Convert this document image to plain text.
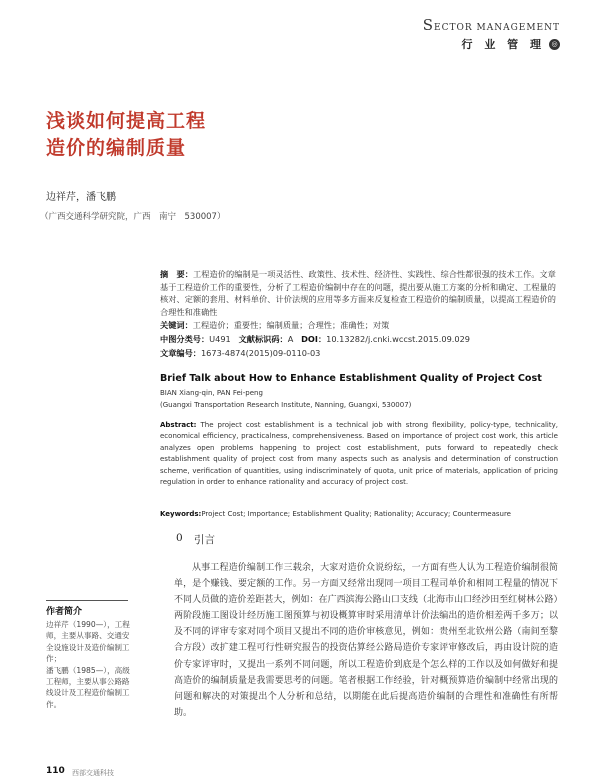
SECTOR MANAGEMENT
行 业 管 理 ◎
浅谈如何提高工程
造价的编制质量
边祥芹，潘飞鹏
（广西交通科学研究院，广西　南宁　530007）
摘　要：工程造价的编制是一项灵活性、政策性、技术性、经济性、实践性、综合性都很强的技术工作。文章基于工程造价工作的重要性，分析了工程造价编制中存在的问题，提出要从施工方案的分析和确定、工程量的核对、定额的套用、材料单价、计价法规的应用等多方面来反复检查工程造价的编制质量，以提高工程造价的合理性和准确性
关键词：工程造价；重要性；编制质量；合理性；准确性；对策
中图分类号：U491 文献标识码：A DOI：10.13282/j.cnki.wccst.2015.09.029
文章编号：1673-4874(2015)09-0110-03
Brief Talk about How to Enhance Establishment Quality of Project Cost
BIAN Xiang-qin, PAN Fei-peng
(Guangxi Transportation Research Institute, Nanning, Guangxi, 530007)
Abstract: The project cost establishment is a technical job with strong flexibility, policy-type, technicality, economical efficiency, practicalness, comprehensiveness. Based on importance of project cost work, this article analyzes open problems happening to project cost establishment, puts forward to repeatedly check establishment quality of project cost from many aspects such as analysis and determination of construction scheme, verification of quantities, using indiscriminately of quota, unit price of materials, application of pricing regulation in order to enhance rationality and accuracy of project cost.
Keywords:Project Cost; Importance; Establishment Quality; Rationality; Accuracy; Countermeasure
0 引言
从事工程造价编制工作三载余，大家对造价众说纷纭，一方面有些人认为工程造价编制很简单，是个赚钱、要定额的工作。另一方面又经常出现同一项目工程司单价和相同工程量的情况下不同人员做的造价差距甚大，例如：在广西滨海公路山口支线（北海市山口经沙田至红树林公路）两阶段施工图设计经历施工图预算与初设概算审时采用清单计价法编出的造价相差两千多万；以及不同的评审专家对同个项目又提出不同的造价审核意见，例如：贵州至北钦州公路（南间至黎合方段）改扩建工程可行性研究报告的投资估算经公路局造价专家评审修改后，再由设计院的造价专家评审时，又提出一系列不同问题，所以工程造价到底是个怎么样的工作以及如何做好和提高造价的编制质量是我需要思考的问题。笔者根据工作经验，针对概预算造价编制中经常出现的问题和解决的对策提出个人分析和总结，以期能在此后提高造价编制的合理性和准确性有所帮助。
作者简介

边祥芹（1990—），工程师，主要从事路、交通安全设施设计及造价编制工作；

潘飞鹏（1985—），高级工程师，主要从事公路路线设计及工程造价编制工作。

110 西部交通科技
